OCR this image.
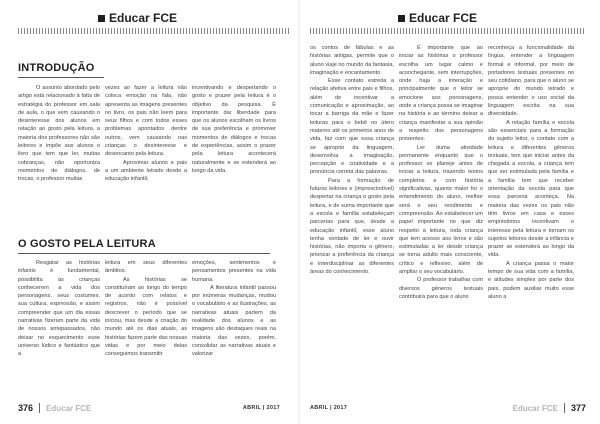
Educar FCE
INTRODUÇÃO

O assunto abordado pelo artigo está relacionado à falta de estratégia do professor em sala de aula, o que vem causando o desinteresse dos alunos em relação ao gosto pela leitura, a maioria dos professores não são leitores e impõe aos alunos o livro que tem que ler, muitas cobranças, não oportuniza momentos de diálogos, de trocas, o professor muitas

vezes ao fazer a leitura não coloca emoção na fala, não apresenta as imagens presentes no livro, os pais não leem para seus filhos e com todos esses problemas apontados dentre outros, vem causando nas crianças o desinteresse e desencanto pela leitura.

Aproximar alunos e pais a um ambiente letrado desde a educação infantil,

incentivando e despertando o gosto e prazer pela leitura é o objetivo da pesquisa. É importante dar liberdade para que os alunos escolham os livros de sua preferência e promover momentos de diálogos e trocas de experiências, assim o prazer pela leitura acontecerá naturalmente e se estenderá ao longo da vida.

O GOSTO PELA LEITURA

Resgatar as histórias infantis é fundamental, possibilita às crianças conhecerem a vida dos personagens, seus costumes, sua cultura, expressão, e assim compreender que um dia essas narrativas fizeram parte da vida de nossos antepassados, não deixar no esquecimento esse universo lúdico e fantástico que a

leitura em seus diferentes âmbitos.

As histórias se constituíram ao longo do tempo de acordo com relatos e registros, não é possível descrever o período que se iniciou, mas desde a criação do mundo até os dias atuais, as histórias fazem parte das nossas vidas e por meio delas conseguimos transmitir

emoções, sentimentos e pensamentos presentes na vida humana.

A literatura infantil passou por inúmeras mudanças, mudou o vocabulário e as ilustrações, as narrativas atuais partem da realidade dos alunos e as imagens são destaques reais na maioria das vezes, porém, consolidar as narrativas atuais e valorizar

376 Educar FCE	ABRIL | 2017
Educar FCE

os contos de fábulas e as histórias antigas, permite que o aluno viaje no mundo da fantasia, imaginação e encantamento.

Esse contato estreita a relação afetiva entre pais e filhos, além de incentivar a comunicação e aproximação, ao tocar a barriga da mãe e fazer leituras para o bebê no útero materno até os primeiros anos de vida, faz com que essa criança se aproprie da linguagem, desenvolva a imaginação, percepção e criatividade e a pronúncia correta das palavras.

Para a formação de futuros leitores e (imprescindível) despertar na criança o gosto pela leitura, e de suma importante que a escola e família estabeleçam parcerias para que, desde a educação infantil, esse aluno tenha vontade de ler e ouvir histórias, não importa o gênero, priorizar a preferência da criança e interdisciplinar as diferentes áreas do conhecimento.

É importante que ao iniciar as histórias o professor escolha um lugar calmo e aconchegante, sem interrupções, onde haja a interação e principalmente que o leitor se emocione aos personagens, onde a criança possa se imaginar na história e ao término deixar a criança manifestar a sua opinião a respeito dos personagens presentes.

Ler duma atividade permanente enquanto que o professor se planeje antes de iniciar a leitura, trazendo textos completos e com história significativas, quanto maior for o entendimento do aluno, melhor será o seu rendimento e compreensão. Ao estabelecer um papel importante no que diz respeito à leitura, toda criança que tem acesso aos livros e são estimuladas a ler desde criança se torna adulto mais consciente, crítico e reflexivo, além de ampliar o seu vocabulário.

O professor trabalhar com diversos gêneros textuais contribuirá para que o aluno

reconheça a funcionalidade da língua, entender a linguagem formal e informal, por meio de portadores textuais presentes no seu cotidiano, para que o aluno se aproprie do mundo letrado e possa entender o uso social da linguagem escrita na sua diversidade.

A relação família e escola são essenciais para a formação do sujeito leitor, o contato com a leitura e diferentes gêneros textuais, tem que iniciar antes da chegada a escola, a criança tem que ser estimulada pela família e a família tem que receber orientação da escola para que essa parceria aconteça. Na maioria das vezes os pais não têm livros em casa e esses empréstimos incentivam o interesse pela leitura e tornam os sujeitos leitores desde a infância e prazer se estenderá ao longo da vida.

A criança passa o maior tempo de sua vida com a família, e atitudes simples por parte dos pais, podem auxiliar muito esse aluno a

ABRIL | 2017	Educar FCE 377
